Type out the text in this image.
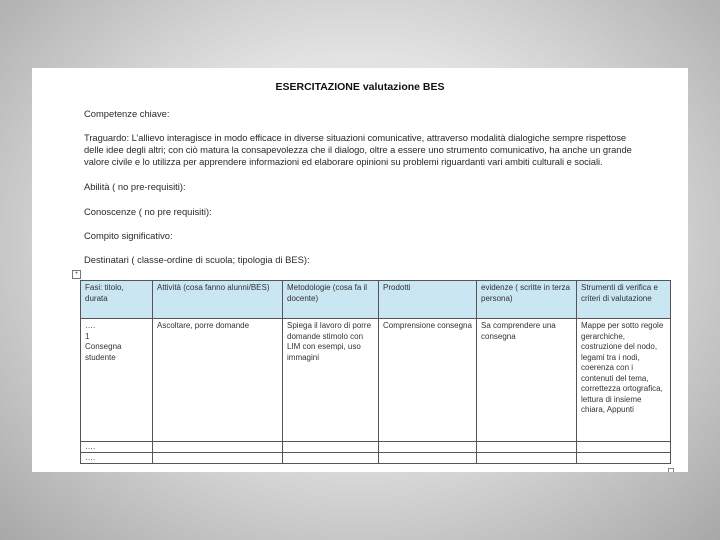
ESERCITAZIONE valutazione BES
Competenze chiave:
Traguardo: L’allievo interagisce in modo efficace in diverse situazioni comunicative, attraverso modalità dialogiche sempre rispettose
delle idee degli altri; con ciò matura la consapevolezza che il dialogo, oltre a essere uno strumento comunicativo, ha anche un grande
valore civile e lo utilizza per apprendere informazioni ed elaborare opinioni su problemi riguardanti vari ambiti culturali e sociali.
Abilità ( no pre-requisiti):
Conoscenze ( no pre requisiti):
Compito significativo:
Destinatari ( classe-ordine di scuola; tipologia di BES):
+
Fasi: titolo, durata	Attività (cosa fanno alunni/BES)	Metodologie (cosa fa il docente)	Prodotti	evidenze ( scritte in terza persona)	Strumenti di verifica e criteri di valutazione
….
1
Consegna studente	Ascoltare, porre domande	Spiega il lavoro di porre domande stimolo con LIM con esempi, uso immagini	Comprensione consegna	Sa comprendere una consegna	Mappe per sotto regole gerarchiche, costruzione del nodo, legami tra i nodi, coerenza con i contenuti del tema, correttezza ortografica, lettura di insieme chiara, Appunti
….					
….					
